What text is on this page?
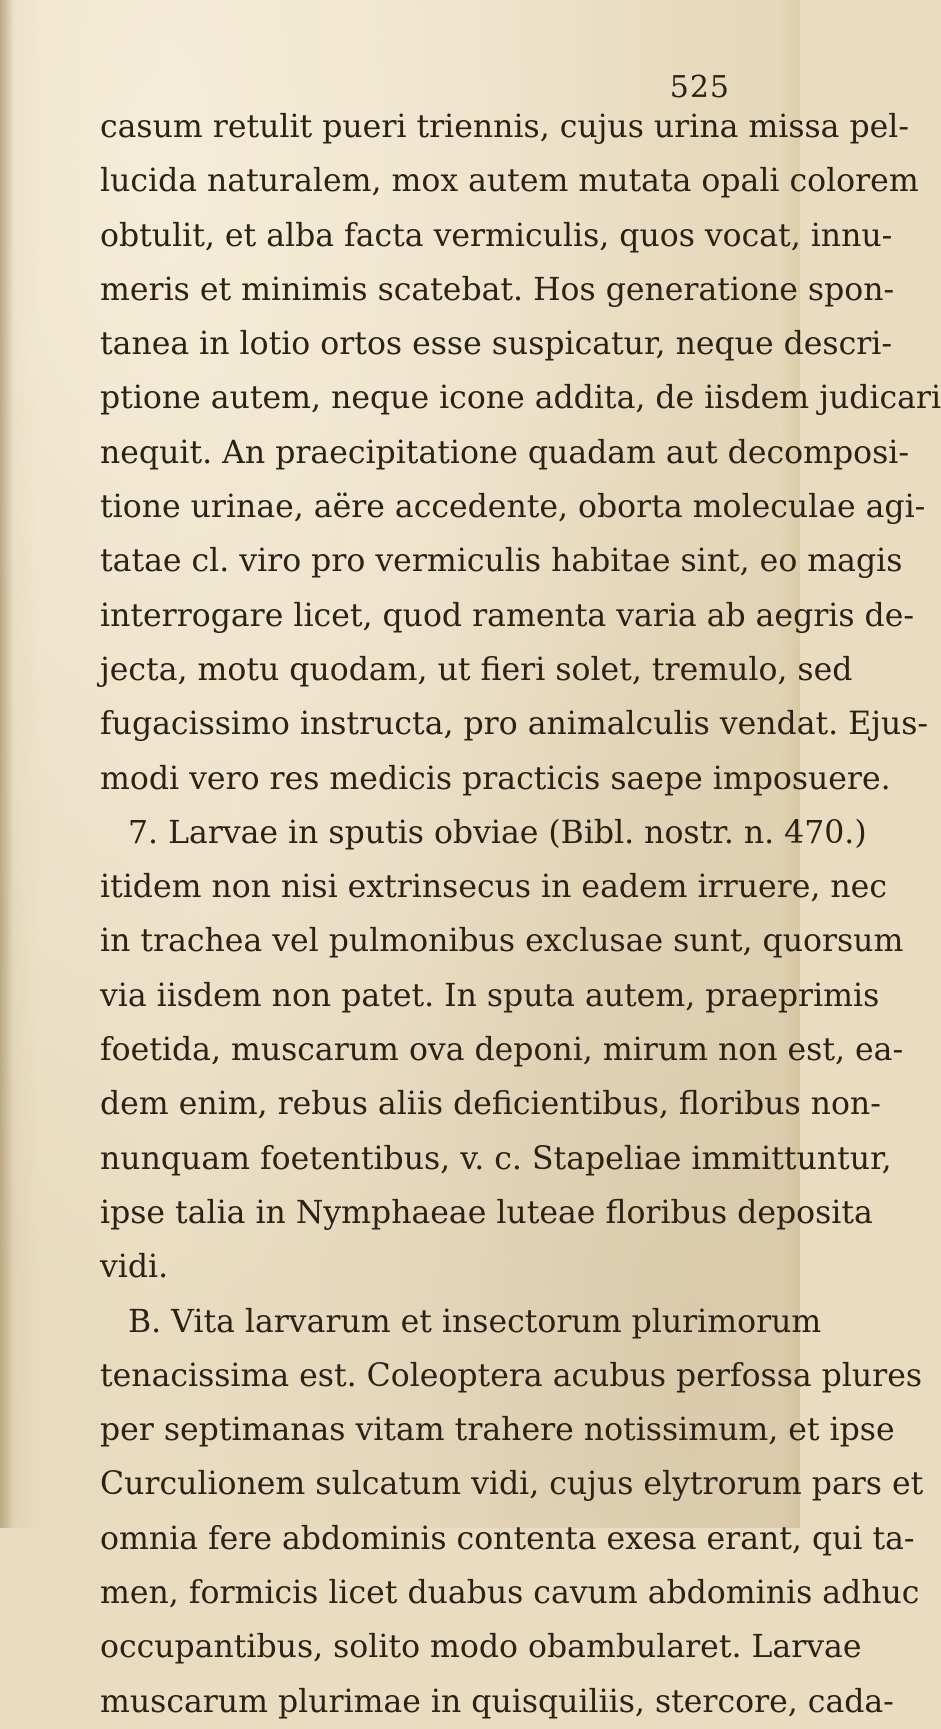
525
casum retulit pueri triennis, cujus urina missa pel-
lucida naturalem, mox autem mutata opali colorem
obtulit, et alba facta vermiculis, quos vocat, innu-
meris et minimis scatebat. Hos generatione spon-
tanea in lotio ortos esse suspicatur, neque descri-
ptione autem, neque icone addita, de iisdem judicari
nequit. An praecipitatione quadam aut decomposi-
tione urinae, aëre accedente, oborta moleculae agi-
tatae cl. viro pro vermiculis habitae sint, eo magis
interrogare licet, quod ramenta varia ab aegris de-
jecta, motu quodam, ut fieri solet, tremulo, sed
fugacissimo instructa, pro animalculis vendat. Ejus-
modi vero res medicis practicis saepe imposuere.
7. Larvae in sputis obviae (Bibl. nostr. n. 470.)
itidem non nisi extrinsecus in eadem irruere, nec
in trachea vel pulmonibus exclusae sunt, quorsum
via iisdem non patet. In sputa autem, praeprimis
foetida, muscarum ova deponi, mirum non est, ea-
dem enim, rebus aliis deficientibus, floribus non-
nunquam foetentibus, v. c. Stapeliae immittuntur,
ipse talia in Nymphaeae luteae floribus deposita
vidi.
B. Vita larvarum et insectorum plurimorum
tenacissima est. Coleoptera acubus perfossa plures
per septimanas vitam trahere notissimum, et ipse
Curculionem sulcatum vidi, cujus elytrorum pars et
omnia fere abdominis contenta exesa erant, qui ta-
men, formicis licet duabus cavum abdominis adhuc
occupantibus, solito modo obambularet. Larvae
muscarum plurimae in quisquiliis, stercore, cada-
